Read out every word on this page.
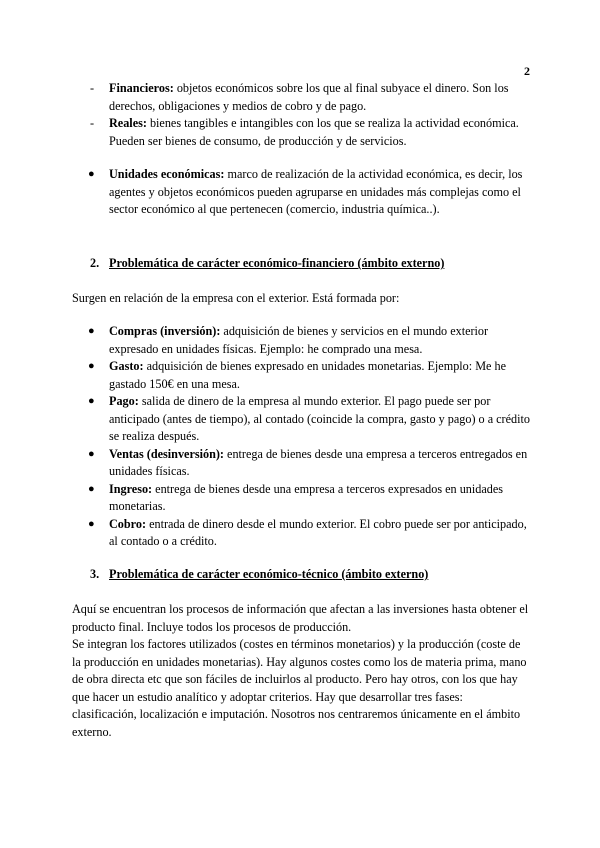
2
- Financieros: objetos económicos sobre los que al final subyace el dinero. Son los derechos, obligaciones y medios de cobro y de pago.
- Reales: bienes tangibles e intangibles con los que se realiza la actividad económica. Pueden ser bienes de consumo, de producción y de servicios.
● Unidades económicas: marco de realización de la actividad económica, es decir, los agentes y objetos económicos pueden agruparse en unidades más complejas como el sector económico al que pertenecen (comercio, industria química..).
2. Problemática de carácter económico-financiero (ámbito externo)

Surgen en relación de la empresa con el exterior. Está formada por:

● Compras (inversión): adquisición de bienes y servicios en el mundo exterior expresado en unidades físicas. Ejemplo: he comprado una mesa.
● Gasto: adquisición de bienes expresado en unidades monetarias. Ejemplo: Me he gastado 150€ en una mesa.
● Pago: salida de dinero de la empresa al mundo exterior. El pago puede ser por anticipado (antes de tiempo), al contado (coincide la compra, gasto y pago) o a crédito se realiza después.
● Ventas (desinversión): entrega de bienes desde una empresa a terceros entregados en unidades físicas.
● Ingreso: entrega de bienes desde una empresa a terceros expresados en unidades monetarias.
● Cobro: entrada de dinero desde el mundo exterior. El cobro puede ser por anticipado, al contado o a crédito.
3. Problemática de carácter económico-técnico (ámbito externo)

Aquí se encuentran los procesos de información que afectan a las inversiones hasta obtener el producto final. Incluye todos los procesos de producción.

Se integran los factores utilizados (costes en términos monetarios) y la producción (coste de la producción en unidades monetarias). Hay algunos costes como los de materia prima, mano de obra directa etc que son fáciles de incluirlos al producto. Pero hay otros, con los que hay que hacer un estudio analítico y adoptar criterios. Hay que desarrollar tres fases: clasificación, localización e imputación. Nosotros nos centraremos únicamente en el ámbito externo.
